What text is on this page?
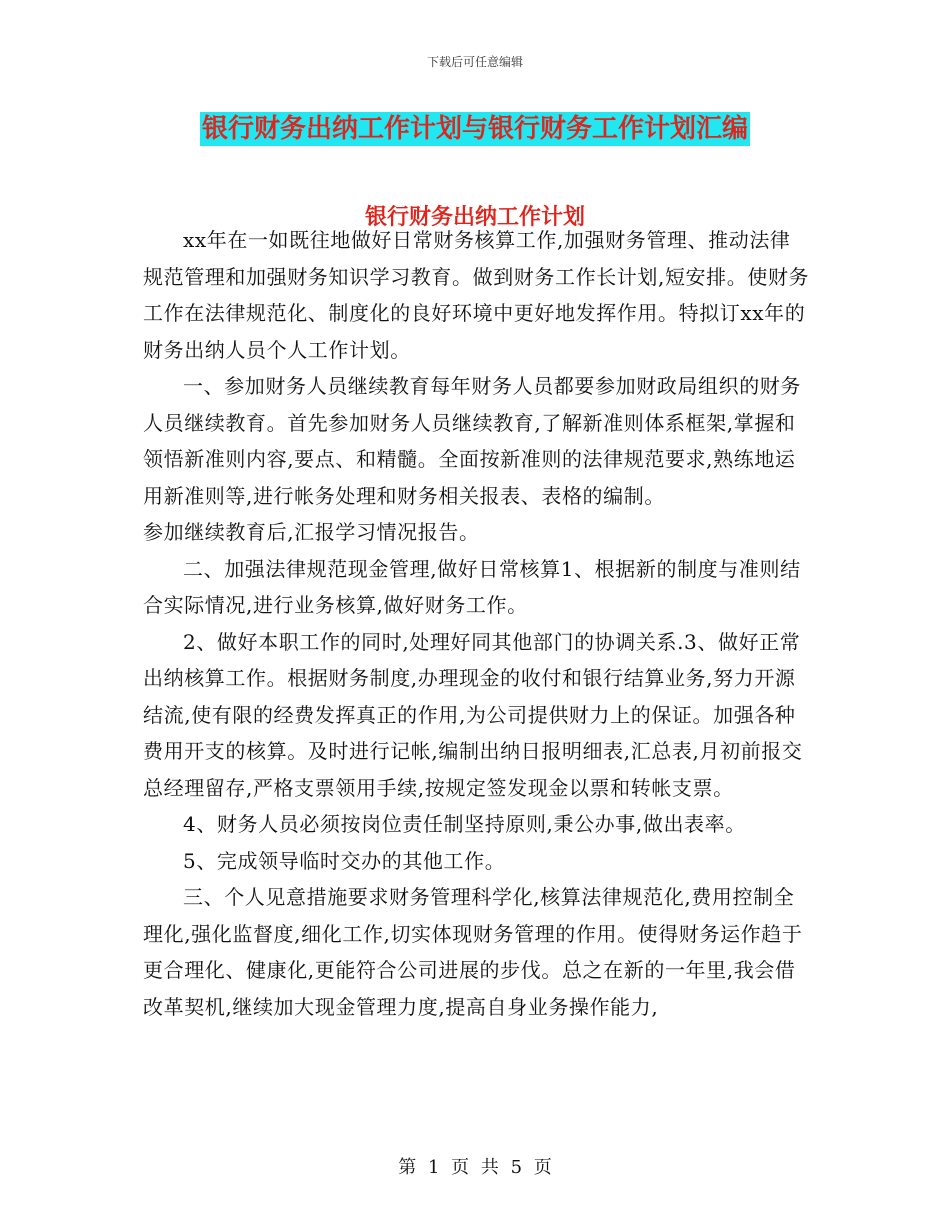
下载后可任意编辑
银行财务出纳工作计划与银行财务工作计划汇编
银行财务出纳工作计划

xx年在一如既往地做好日常财务核算工作,加强财务管理、推动法律规范管理和加强财务知识学习教育。做到财务工作长计划,短安排。使财务工作在法律规范化、制度化的良好环境中更好地发挥作用。特拟订xx年的财务出纳人员个人工作计划。

一、参加财务人员继续教育每年财务人员都要参加财政局组织的财务人员继续教育。首先参加财务人员继续教育,了解新准则体系框架,掌握和领悟新准则内容,要点、和精髓。全面按新准则的法律规范要求,熟练地运用新准则等,进行帐务处理和财务相关报表、表格的编制。

参加继续教育后,汇报学习情况报告。

二、加强法律规范现金管理,做好日常核算1、根据新的制度与准则结合实际情况,进行业务核算,做好财务工作。

2、做好本职工作的同时,处理好同其他部门的协调关系.3、做好正常出纳核算工作。根据财务制度,办理现金的收付和银行结算业务,努力开源结流,使有限的经费发挥真正的作用,为公司提供财力上的保证。加强各种费用开支的核算。及时进行记帐,编制出纳日报明细表,汇总表,月初前报交总经理留存,严格支票领用手续,按规定签发现金以票和转帐支票。

4、财务人员必须按岗位责任制坚持原则,秉公办事,做出表率。

5、完成领导临时交办的其他工作。

三、个人见意措施要求财务管理科学化,核算法律规范化,费用控制全理化,强化监督度,细化工作,切实体现财务管理的作用。使得财务运作趋于更合理化、健康化,更能符合公司进展的步伐。总之在新的一年里,我会借改革契机,继续加大现金管理力度,提高自身业务操作能力,

第 1 页 共 5 页
